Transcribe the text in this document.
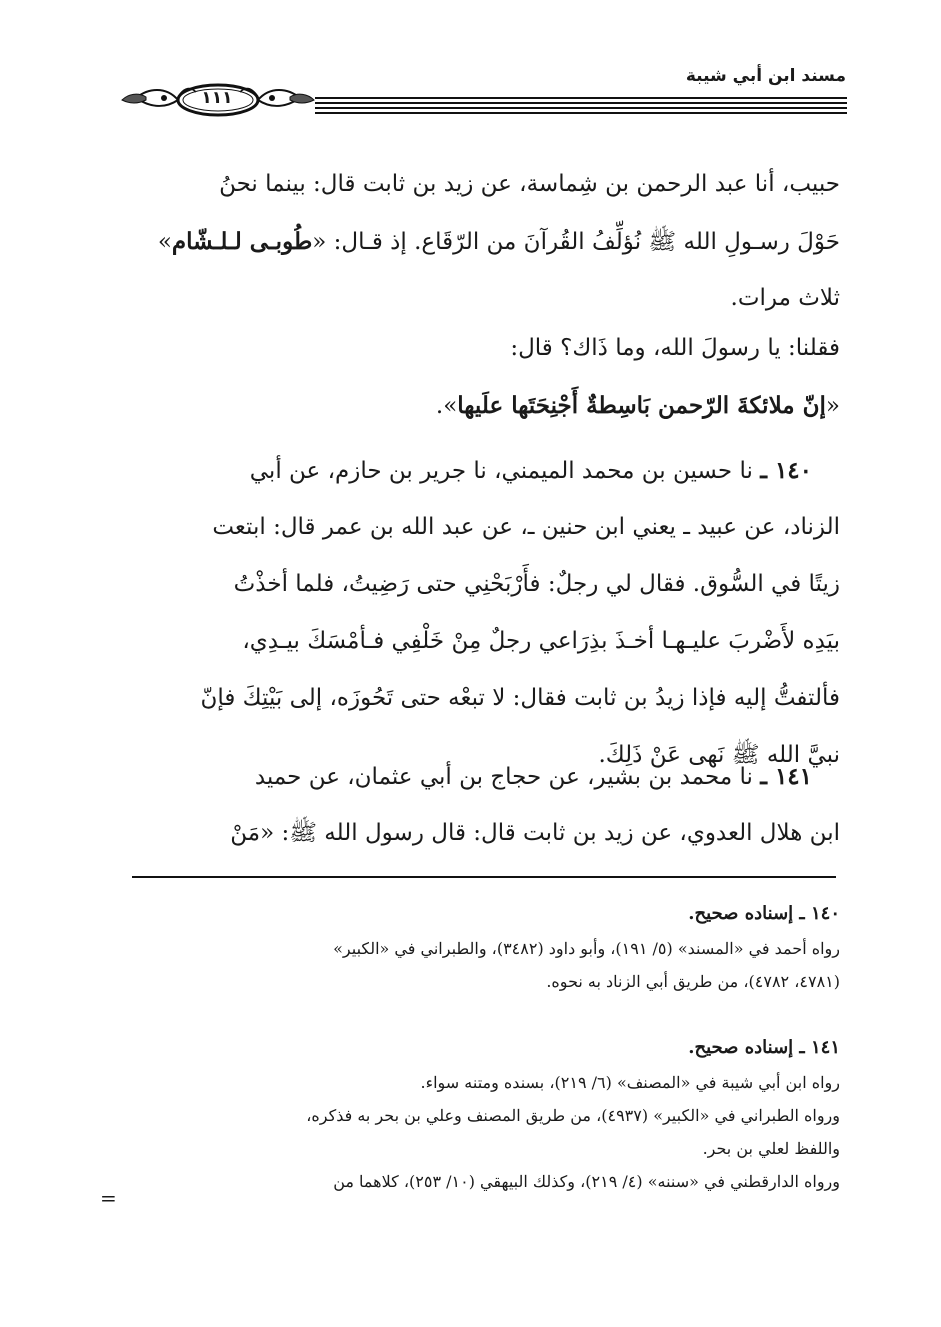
مسند ابن أبي شيبة
١١١
حبيب، أنا عبد الرحمن بن شِماسة، عن زيد بن ثابت قال: بينما نحنُ
حَوْلَ رسـولِ الله ﷺ نُؤلِّفُ القُرآنَ من الرّقَاع. إذ قـال: «طُوبـى لـلـشّام»
ثلاث مرات.
فقلنا: يا رسولَ الله، وما ذَاك؟ قال:
«إنّ ملائكةَ الرّحمن بَاسِطةٌ أَجْنِحَتَها علَيها».
١٤٠ ـ نا حسين بن محمد الميمني، نا جرير بن حازم، عن أبي
الزناد، عن عبيد ـ يعني ابن حنين ـ، عن عبد الله بن عمر قال: ابتعت
زيتًا في السُّوق. فقال لي رجلٌ: فأَرْبَحْنِي حتى رَضِيتُ، فلما أخذْتُ
بيَدِه لأَضْربَ عليـهـا أخـذَ بذِرَاعي رجلٌ مِنْ خَلْفِي فـأمْسَكَ بيـدِي،
فألتفتُّ إليه فإذا زيدُ بن ثابت فقال: لا تبعْه حتى تَحُوزَه، إلى بَيْتِكَ فإنّ
نبيَّ الله ﷺ نَهى عَنْ ذَلِكَ.
١٤١ ـ نا محمد بن بشير، عن حجاج بن أبي عثمان، عن حميد
ابن هلال العدوي، عن زيد بن ثابت قال: قال رسول الله ﷺ: «مَنْ
١٤٠ ـ إسناده صحيح.
رواه أحمد في «المسند» (٥/ ١٩١)، وأبو داود (٣٤٨٢)، والطبراني في «الكبير»
(٤٧٨١، ٤٧٨٢)، من طريق أبي الزناد به نحوه.
١٤١ ـ إسناده صحيح.
رواه ابن أبي شيبة في «المصنف» (٦/ ٢١٩)، بسنده ومتنه سواء.
ورواه الطبراني في «الكبير» (٤٩٣٧)، من طريق المصنف وعلي بن بحر به فذكره،
واللفظ لعلي بن بحر.
ورواه الدارقطني في «سننه» (٤/ ٢١٩)، وكذلك البيهقي (١٠/ ٢٥٣)، كلاهما من
=
